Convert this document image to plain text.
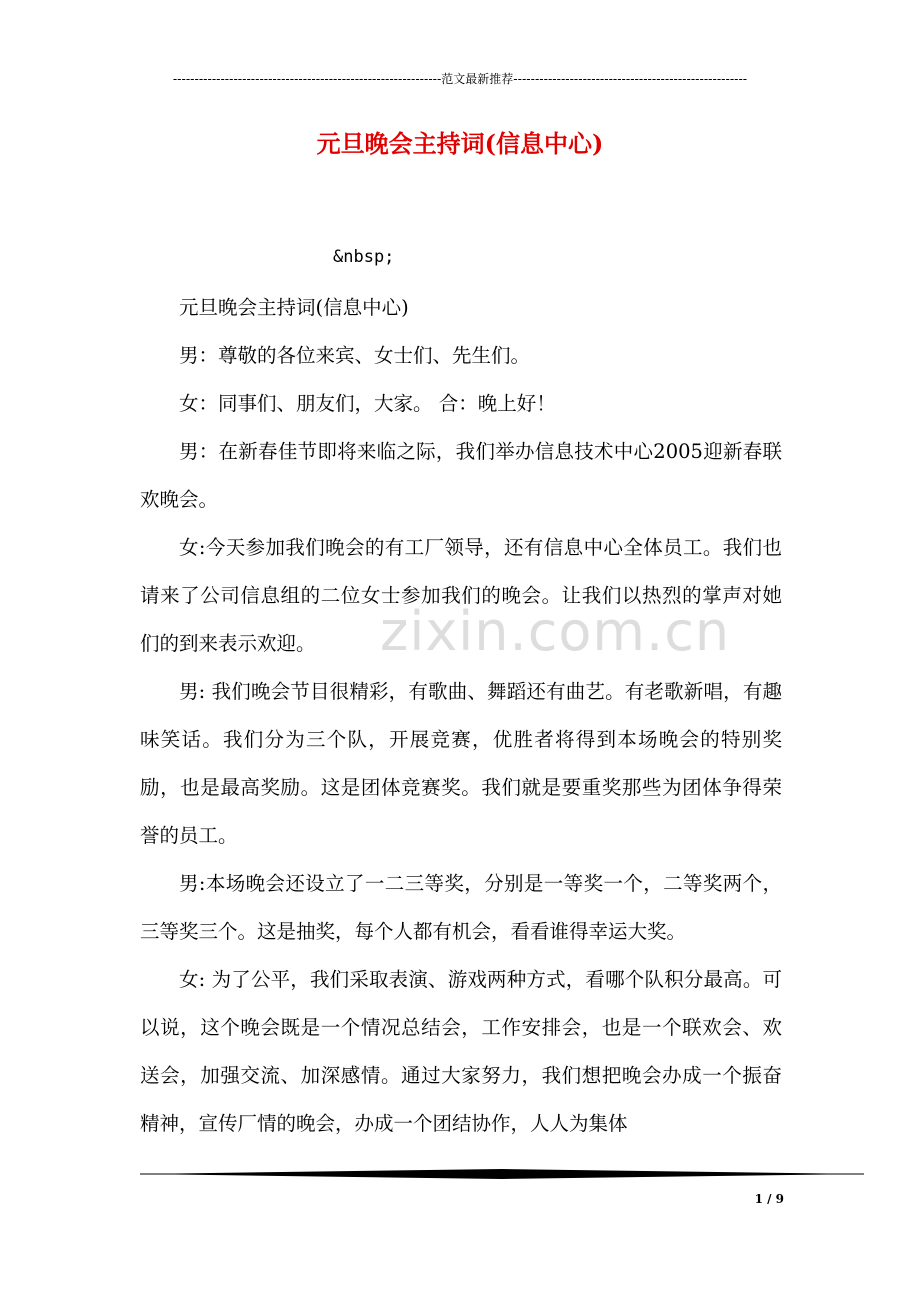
--------------------------------------------------------------范文最新推荐------------------------------------------------------
元旦晚会主持词(信息中心)

&nbsp;

元旦晚会主持词(信息中心)

男：尊敬的各位来宾、女士们、先生们。

女：同事们、朋友们，大家。 合：晚上好！

男：在新春佳节即将来临之际，我们举办信息技术中心2005迎新春联欢晚会。

女:今天参加我们晚会的有工厂领导，还有信息中心全体员工。我们也请来了公司信息组的二位女士参加我们的晚会。让我们以热烈的掌声对她们的到来表示欢迎。

男: 我们晚会节目很精彩，有歌曲、舞蹈还有曲艺。有老歌新唱，有趣味笑话。我们分为三个队，开展竞赛，优胜者将得到本场晚会的特别奖励，也是最高奖励。这是团体竞赛奖。我们就是要重奖那些为团体争得荣誉的员工。

男:本场晚会还设立了一二三等奖，分别是一等奖一个，二等奖两个，三等奖三个。这是抽奖，每个人都有机会，看看谁得幸运大奖。

女: 为了公平，我们采取表演、游戏两种方式，看哪个队积分最高。可以说，这个晚会既是一个情况总结会，工作安排会，也是一个联欢会、欢送会，加强交流、加深感情。通过大家努力，我们想把晚会办成一个振奋精神，宣传厂情的晚会，办成一个团结协作，人人为集体

zixin.com.cn
1 / 9
